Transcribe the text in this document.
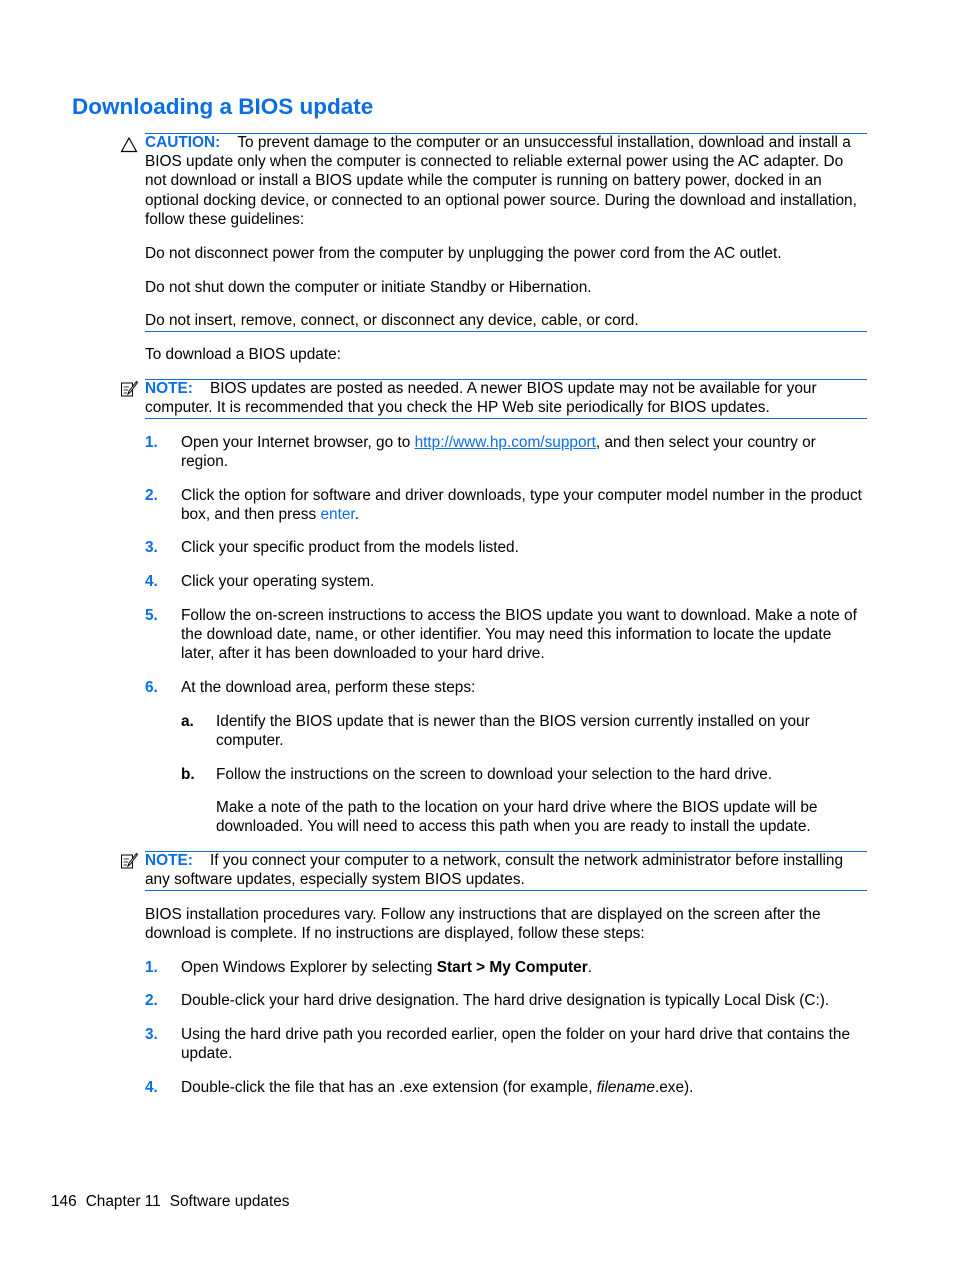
Downloading a BIOS update
CAUTION: To prevent damage to the computer or an unsuccessful installation, download and install a BIOS update only when the computer is connected to reliable external power using the AC adapter. Do not download or install a BIOS update while the computer is running on battery power, docked in an optional docking device, or connected to an optional power source. During the download and installation, follow these guidelines:
Do not disconnect power from the computer by unplugging the power cord from the AC outlet.
Do not shut down the computer or initiate Standby or Hibernation.
Do not insert, remove, connect, or disconnect any device, cable, or cord.
To download a BIOS update:
NOTE: BIOS updates are posted as needed. A newer BIOS update may not be available for your computer. It is recommended that you check the HP Web site periodically for BIOS updates.
1.	Open your Internet browser, go to http://www.hp.com/support, and then select your country or region.
2.	Click the option for software and driver downloads, type your computer model number in the product box, and then press enter.
3.	Click your specific product from the models listed.
4.	Click your operating system.
5.	Follow the on-screen instructions to access the BIOS update you want to download. Make a note of the download date, name, or other identifier. You may need this information to locate the update later, after it has been downloaded to your hard drive.
6.	At the download area, perform these steps:
a.	Identify the BIOS update that is newer than the BIOS version currently installed on your computer.
b.	Follow the instructions on the screen to download your selection to the hard drive.
Make a note of the path to the location on your hard drive where the BIOS update will be downloaded. You will need to access this path when you are ready to install the update.
NOTE: If you connect your computer to a network, consult the network administrator before installing any software updates, especially system BIOS updates.
BIOS installation procedures vary. Follow any instructions that are displayed on the screen after the download is complete. If no instructions are displayed, follow these steps:
1.	Open Windows Explorer by selecting Start > My Computer.
2.	Double-click your hard drive designation. The hard drive designation is typically Local Disk (C:).
3.	Using the hard drive path you recorded earlier, open the folder on your hard drive that contains the update.
4.	Double-click the file that has an .exe extension (for example, filename.exe).
146 Chapter 11 Software updates
